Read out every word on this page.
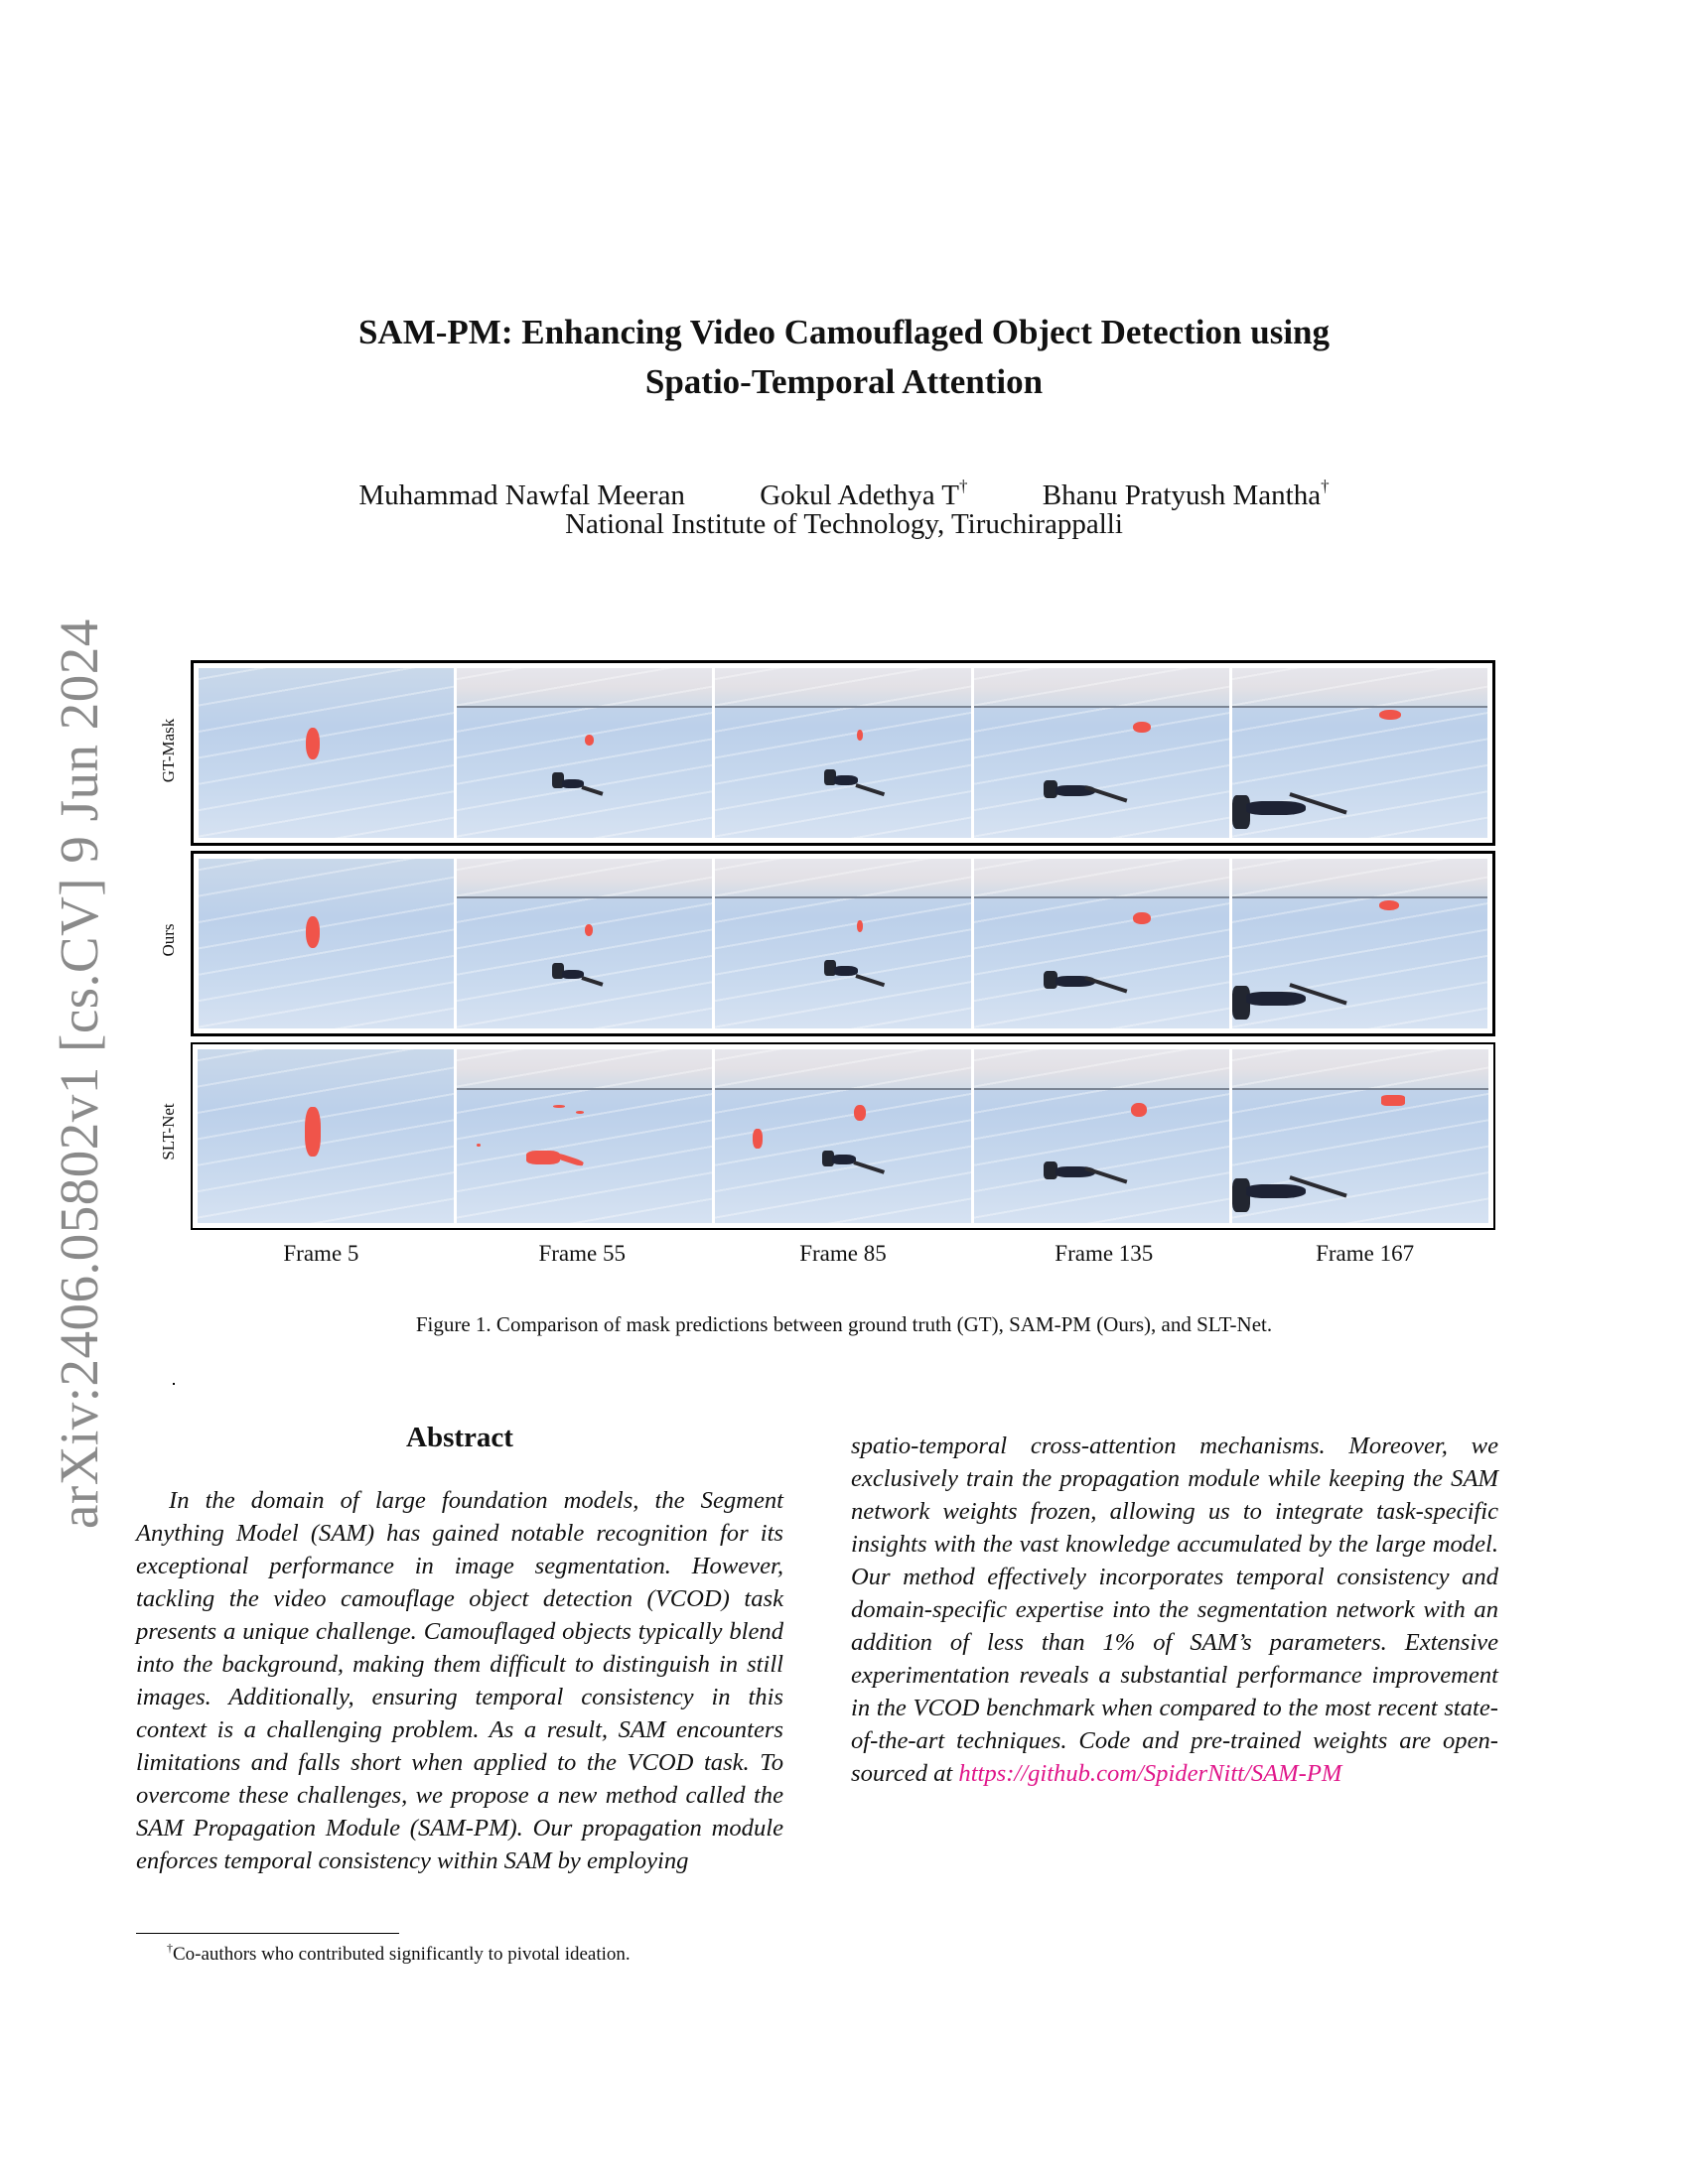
arXiv:2406.05802v1 [cs.CV] 9 Jun 2024
SAM-PM: Enhancing Video Camouflaged Object Detection using
Spatio-Temporal Attention
Muhammad Nawfal Meeran	Gokul Adethya T†	Bhanu Pratyush Mantha†
National Institute of Technology, Tiruchirappalli
GT-Mask
Ours
SLT-Net
Frame 5	Frame 55	Frame 85	Frame 135	Frame 167
Figure 1. Comparison of mask predictions between ground truth (GT), SAM-PM (Ours), and SLT-Net.
Abstract
In the domain of large foundation models, the Segment Anything Model (SAM) has gained notable recognition for its exceptional performance in image segmentation. However, tackling the video camouflage object detection (VCOD) task presents a unique challenge. Camouflaged objects typically blend into the background, making them difficult to distinguish in still images. Additionally, ensuring temporal consistency in this context is a challenging problem. As a result, SAM encounters limitations and falls short when applied to the VCOD task. To overcome these challenges, we propose a new method called the SAM Propagation Module (SAM-PM). Our propagation module enforces temporal consistency within SAM by employing
spatio-temporal cross-attention mechanisms. Moreover, we exclusively train the propagation module while keeping the SAM network weights frozen, allowing us to integrate task-specific insights with the vast knowledge accumulated by the large model. Our method effectively incorporates temporal consistency and domain-specific expertise into the segmentation network with an addition of less than 1% of SAM’s parameters. Extensive experimentation reveals a substantial performance improvement in the VCOD benchmark when compared to the most recent state-of-the-art techniques. Code and pre-trained weights are open-sourced at https://github.com/SpiderNitt/SAM-PM
†Co-authors who contributed significantly to pivotal ideation.
